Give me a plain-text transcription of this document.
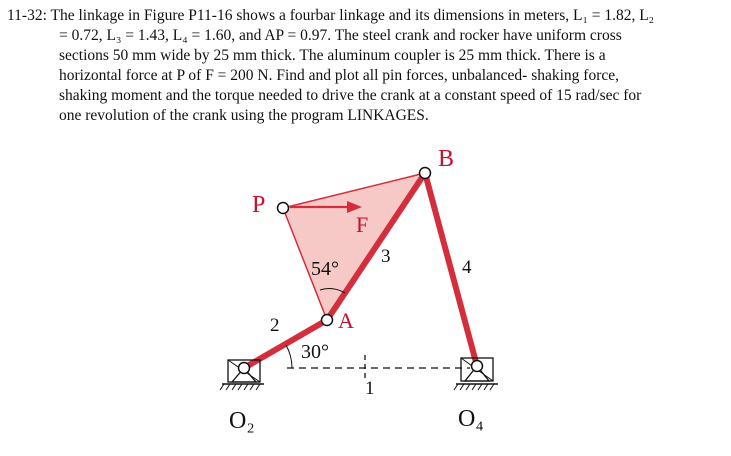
11-32: The linkage in Figure P11-16 shows a fourbar linkage and its dimensions in meters, L₁ = 1.82, L₂
= 0.72, L₃ = 1.43, L₄ = 1.60, and AP = 0.97. The steel crank and rocker have uniform cross
sections 50 mm wide by 25 mm thick. The aluminum coupler is 25 mm thick. There is a
horizontal force at P of F = 200 N. Find and plot all pin forces, unbalanced- shaking force,
shaking moment and the torque needed to drive the crank at a constant speed of 15 rad/sec for
one revolution of the crank using the program LINKAGES.
B
P
F
A
54°
30°
1
2
3
4
O₂	O₄
